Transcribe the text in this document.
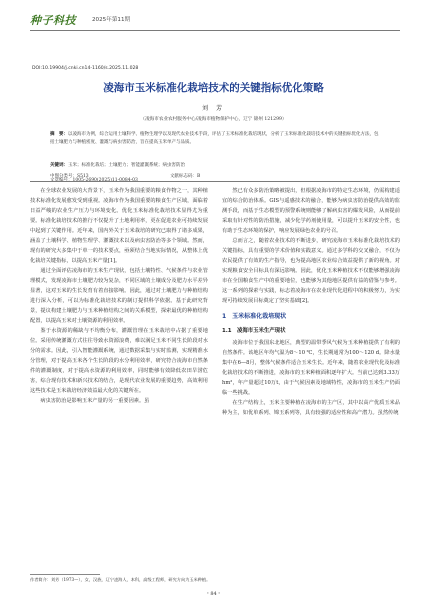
种子科技	2025年第11期
DOI:10.19904/j.cnki.cn14-1160/s.2025.11.028
凌海市玉米标准化栽培技术的关键指标优化策略
刘 芳
（凌海市农业农村服务中心/凌海市植物保护中心，辽宁 锦州 121299）
摘　要：以凌海市为例，综合运用土壤科学、植物生理学以及现代农业技术手段，评估了玉米标准化栽培现状，分析了玉米标准化栽培技术中的关键指标优化方法，包括土壤肥力与种植密度、灌溉与病虫害防治，旨在提高玉米单产与品质。
关键词：玉米；标准化栽培；土壤肥力；智能灌溉系统；病虫害防治
中图分类号：S513	文献标志码：B
文章编号：1005-2690(2025)11-0084-03

在全球农业发展的大背景下，玉米作为我国重要的粮食作物之一，其种植技术标准化发展愈发受到重视。凌海市作为我国重要的粮食生产区域，面临着日益严峻的农业生产压力与环境变化。优化玉米标准化栽培技术显得尤为重要。标准化栽培技术的推行不仅提升了土地利用率，更在促进农业可持续发展中起到了关键作用。近年来，国内外关于玉米栽培的研究已取得了诸多成果，涵盖了土壤科学、植物生理学、灌溉技术以及病虫害防治等多个领域。然而，现有的研究大多集中于单一的技术要点，亟须结合当地实际情况，从整体上优化栽培关键指标，以提高玉米产量[1]。

通过全面评估凌海市的玉米生产现状，包括土壤特性、气候条件与农业管理模式，发现凌海市土壤肥力较为复杂，不同区域的土壤成分及肥力水平差异显著，这对玉米的生长发育有着直接影响。因此，通过对土壤肥力与种植结构进行深入分析，可以为标准化栽培技术的制订提供科学依据。基于此研究背景，提议构建土壤肥力与玉米种植结构之间的关系模型，探索最优的种植结构配置，以提高玉米对土壤资源的利用效率。

鉴于水资源的稀缺与不均衡分布，灌溉管理在玉米栽培中占据了重要地位。采用传统灌溉方式往往导致水资源浪费，难以满足玉米不同生长阶段对水分的需求。因此，引入智能灌溉系统，通过数据采集与实时监测，实现精准水分管理，对于提高玉米各个生长阶段的水分利用效率，研究符合凌海市自然条件的灌溉制度，对于提高水资源的利用效率，同时能够有效降低农田旱涝危害，综合现有技术和新兴技术的结合，是现代农业发展的重要趋势，高效利用这些技术是玉米栽培经济效益最大化的关键所在。

病虫害防治是影响玉米产量的另一重要因素。虽

然已有众多防治策略被提出，但根据凌海市的特定生态环境，仍需构建适宜的综合防治体系。GIS与遥感技术的融合，能够为病虫害防治提供高效的监测手段，而基于生态模型的预警系统则能够了解病虫害的爆发风险，从而提前采取有针对性的防治措施，减少化学药剂使用量，可以提升玉米的安全性，也有助于生态环境的保护，响应发展绿色农业的号召。

总而言之，随着农业技术的不断进步，研究凌海市玉米标准化栽培技术的关键指标，具有重要的学术价值和实践意义。通过多学科的交叉融合，不仅为农民提供了有效的生产指导，也为提高地区农业综合效益提供了新的视角。对实现粮食安全目标具有深远影响。因此，优化玉米种植技术不仅能够增强凌海市在全国粮食生产中的重要地位，也能够为其他地区提供有益的借鉴与参考。这一系列的探索与实践，标志着凌海市在农业现代化进程中的积极努力，为实现可持续发展目标奠定了坚实基础[2]。

1　玉米标准化栽培现状
1.1　凌海市玉米生产现状

凌海市位于我国东北地区，典型的温带季风气候为玉米种植提供了有利的自然条件。该地区年均气温为8～10 ℃，生长期通常为100～120 d。降水量集中在6—8月，整体气候条件适合玉米生长。近年来，随着农业现代化及标准化栽培技术的不断推进，凌海市的玉米种植面积逐年扩大。当前已达到3.33万hm²，年产量超过10万t，由于气候因素及地域特性，凌海市的玉米生产仍面临一些挑战。

在生产结构上，玉米主要种植在凌海市的主产区，其中以高产优质玉米品种为主，如优单系列、锦玉系列等，具有较强的适应性和高产潜力。虽然传统

作者简介：刘芳（1973—），女，汉族，辽宁凌海人，本科，高级工程师，研究方向为玉米种植。
・84・
